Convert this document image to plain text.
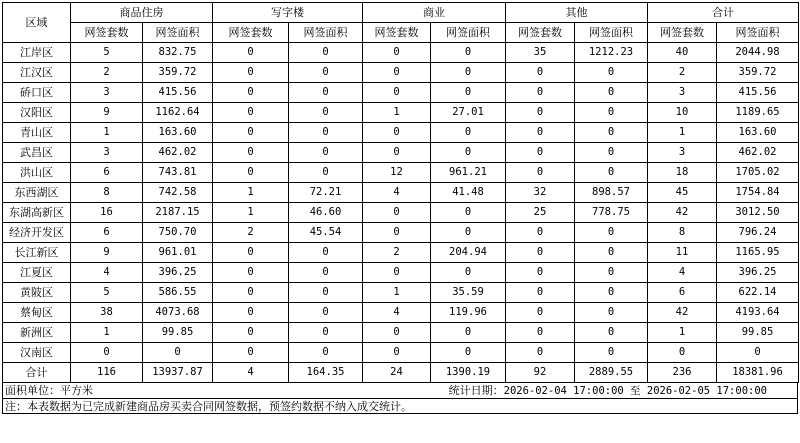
区域	商品住房		写字楼		商业		其他		合计	
	网签套数	网签面积	网签套数	网签面积	网签套数	网签面积	网签套数	网签面积	网签套数	网签面积
江岸区	5	832.75	0	0	0	0	35	1212.23	40	2044.98
江汉区	2	359.72	0	0	0	0	0	0	2	359.72
硚口区	3	415.56	0	0	0	0	0	0	3	415.56
汉阳区	9	1162.64	0	0	1	27.01	0	0	10	1189.65
青山区	1	163.60	0	0	0	0	0	0	1	163.60
武昌区	3	462.02	0	0	0	0	0	0	3	462.02
洪山区	6	743.81	0	0	12	961.21	0	0	18	1705.02
东西湖区	8	742.58	1	72.21	4	41.48	32	898.57	45	1754.84
东湖高新区	16	2187.15	1	46.60	0	0	25	778.75	42	3012.50
经济开发区	6	750.70	2	45.54	0	0	0	0	8	796.24
长江新区	9	961.01	0	0	2	204.94	0	0	11	1165.95
江夏区	4	396.25	0	0	0	0	0	0	4	396.25
黄陂区	5	586.55	0	0	1	35.59	0	0	6	622.14
蔡甸区	38	4073.68	0	0	4	119.96	0	0	42	4193.64
新洲区	1	99.85	0	0	0	0	0	0	1	99.85
汉南区	0	0	0	0	0	0	0	0	0	0
合计	116	13937.87	4	164.35	24	1390.19	92	2889.55	236	18381.96
面积单位：平方米	统计日期：2026-02-04 17:00:00 至 2026-02-05 17:00:00
注：本表数据为已完成新建商品房买卖合同网签数据，预签约数据不纳入成交统计。
